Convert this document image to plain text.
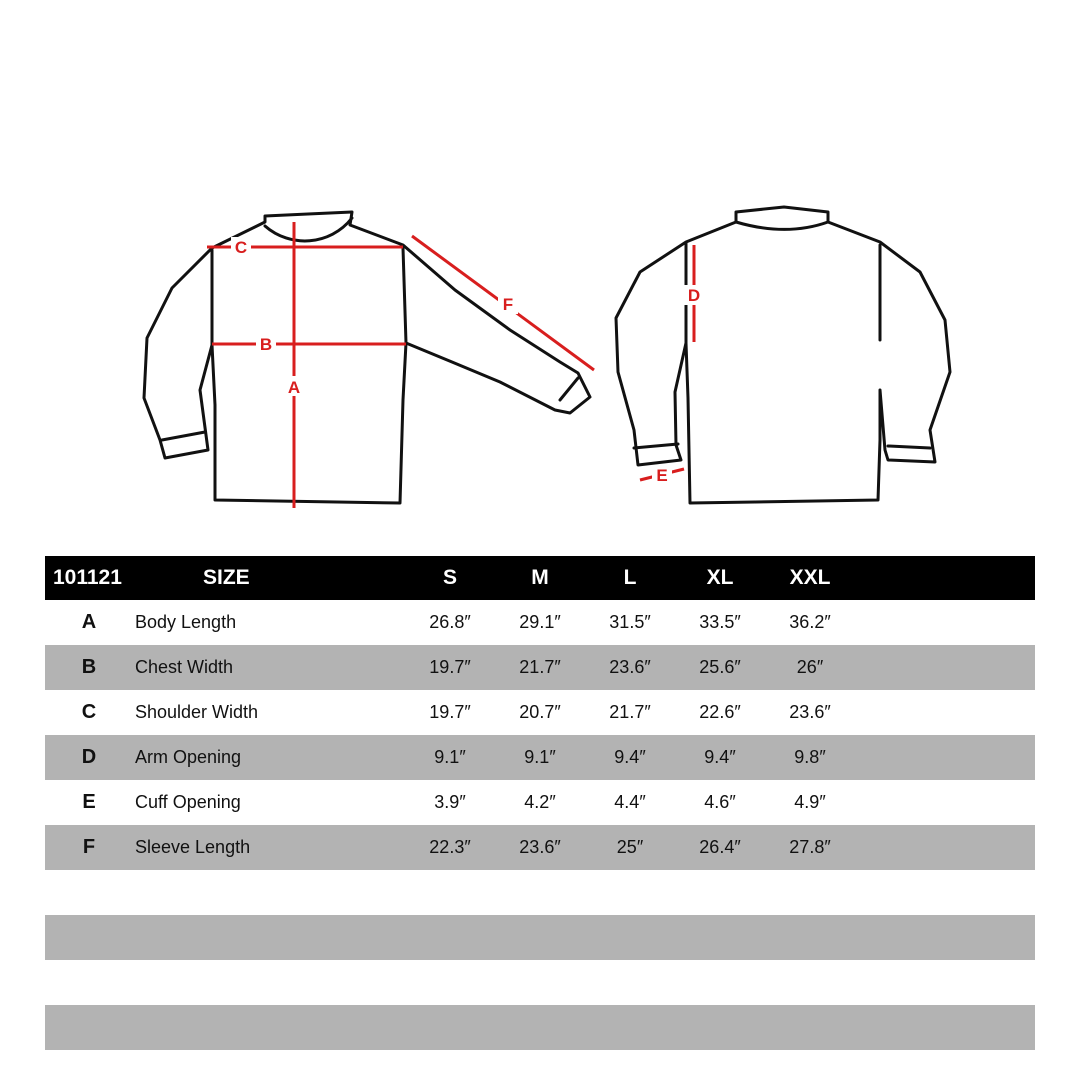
A
B
C
F	D
E
101121	SIZE	S	M	L	XL	XXL
A Body Length	26.8″	29.1″	31.5″	33.5″	36.2″
B Chest Width	19.7″	21.7″	23.6″	25.6″	26″
C Shoulder Width	19.7″	20.7″	21.7″	22.6″	23.6″
D Arm Opening	9.1″	9.1″	9.4″	9.4″	9.8″
E Cuff Opening	3.9″	4.2″	4.4″	4.6″	4.9″
F Sleeve Length	22.3″	23.6″	25″	26.4″	27.8″
